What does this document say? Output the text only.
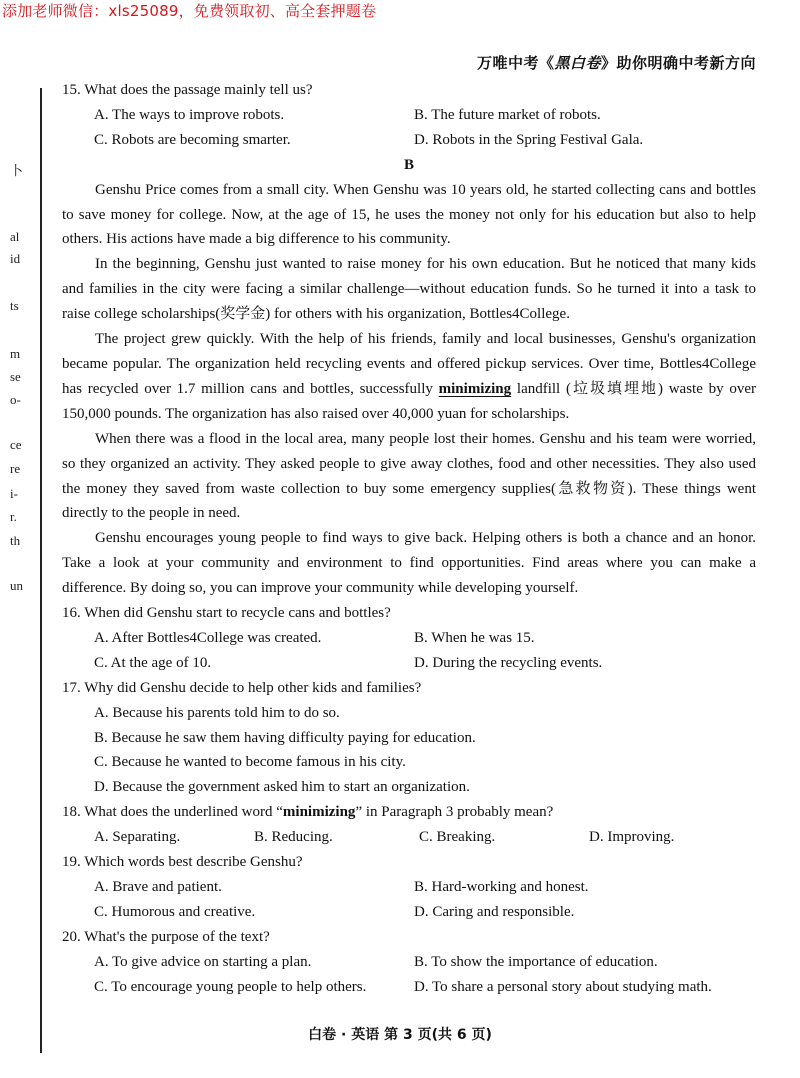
添加老师微信：xls25089，免费领取初、高全套押题卷
万唯中考《黑白卷》助你明确中考新方向
卜
al
id
ts
m
se
o-
ce
re
i-
r.
th
un

15. What does the passage mainly tell us?

A. The ways to improve robots.	B. The future market of robots.
C. Robots are becoming smarter.	D. Robots in the Spring Festival Gala.

B

Genshu Price comes from a small city. When Genshu was 10 years old, he started collecting cans and bottles to save money for college. Now, at the age of 15, he uses the money not only for his education but also to help others. His actions have made a big difference to his community.

In the beginning, Genshu just wanted to raise money for his own education. But he noticed that many kids and families in the city were facing a similar challenge—without education funds. So he turned it into a task to raise college scholarships(奖学金) for others with his organization, Bottles4College.

The project grew quickly. With the help of his friends, family and local businesses, Genshu's organization became popular. The organization held recycling events and offered pickup services. Over time, Bottles4College has recycled over 1.7 million cans and bottles, successfully minimizing landfill (垃圾填埋地) waste by over 150,000 pounds. The organization has also raised over 40,000 yuan for scholarships.

When there was a flood in the local area, many people lost their homes. Genshu and his team were worried, so they organized an activity. They asked people to give away clothes, food and other necessities. They also used the money they saved from waste collection to buy some emergency supplies(急救物资). These things went directly to the people in need.

Genshu encourages young people to find ways to give back. Helping others is both a chance and an honor. Take a look at your community and environment to find opportunities. Find areas where you can make a difference. By doing so, you can improve your community while developing yourself.

16. When did Genshu start to recycle cans and bottles?

A. After Bottles4College was created.	B. When he was 15.
C. At the age of 10.	D. During the recycling events.

17. Why did Genshu decide to help other kids and families?

A. Because his parents told him to do so.
B. Because he saw them having difficulty paying for education.
C. Because he wanted to become famous in his city.
D. Because the government asked him to start an organization.

18. What does the underlined word “minimizing” in Paragraph 3 probably mean?

A. Separating.	B. Reducing.	C. Breaking.	D. Improving.

19. Which words best describe Genshu?

A. Brave and patient.	B. Hard-working and honest.
C. Humorous and creative.	D. Caring and responsible.

20. What's the purpose of the text?

A. To give advice on starting a plan.	B. To show the importance of education.
C. To encourage young people to help others.	D. To share a personal story about studying math.
白卷 · 英语 第 3 页(共 6 页)
